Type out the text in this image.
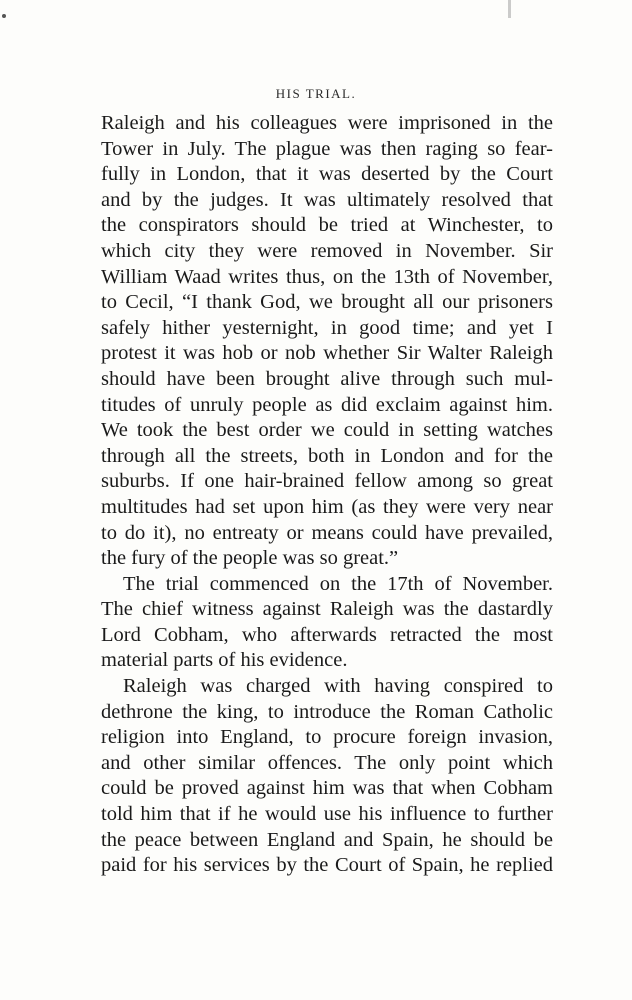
HIS TRIAL.
Raleigh and his colleagues were imprisoned in the
Tower in July. The plague was then raging so fear-
fully in London, that it was deserted by the Court
and by the judges. It was ultimately resolved that
the conspirators should be tried at Winchester, to
which city they were removed in November. Sir
William Waad writes thus, on the 13th of November,
to Cecil, “I thank God, we brought all our prisoners
safely hither yesternight, in good time; and yet I
protest it was hob or nob whether Sir Walter Raleigh
should have been brought alive through such mul-
titudes of unruly people as did exclaim against him.
We took the best order we could in setting watches
through all the streets, both in London and for the
suburbs. If one hair-brained fellow among so great
multitudes had set upon him (as they were very near
to do it), no entreaty or means could have prevailed,
the fury of the people was so great.”
The trial commenced on the 17th of November.
The chief witness against Raleigh was the dastardly
Lord Cobham, who afterwards retracted the most
material parts of his evidence.
Raleigh was charged with having conspired to
dethrone the king, to introduce the Roman Catholic
religion into England, to procure foreign invasion,
and other similar offences. The only point which
could be proved against him was that when Cobham
told him that if he would use his influence to further
the peace between England and Spain, he should be
paid for his services by the Court of Spain, he replied
